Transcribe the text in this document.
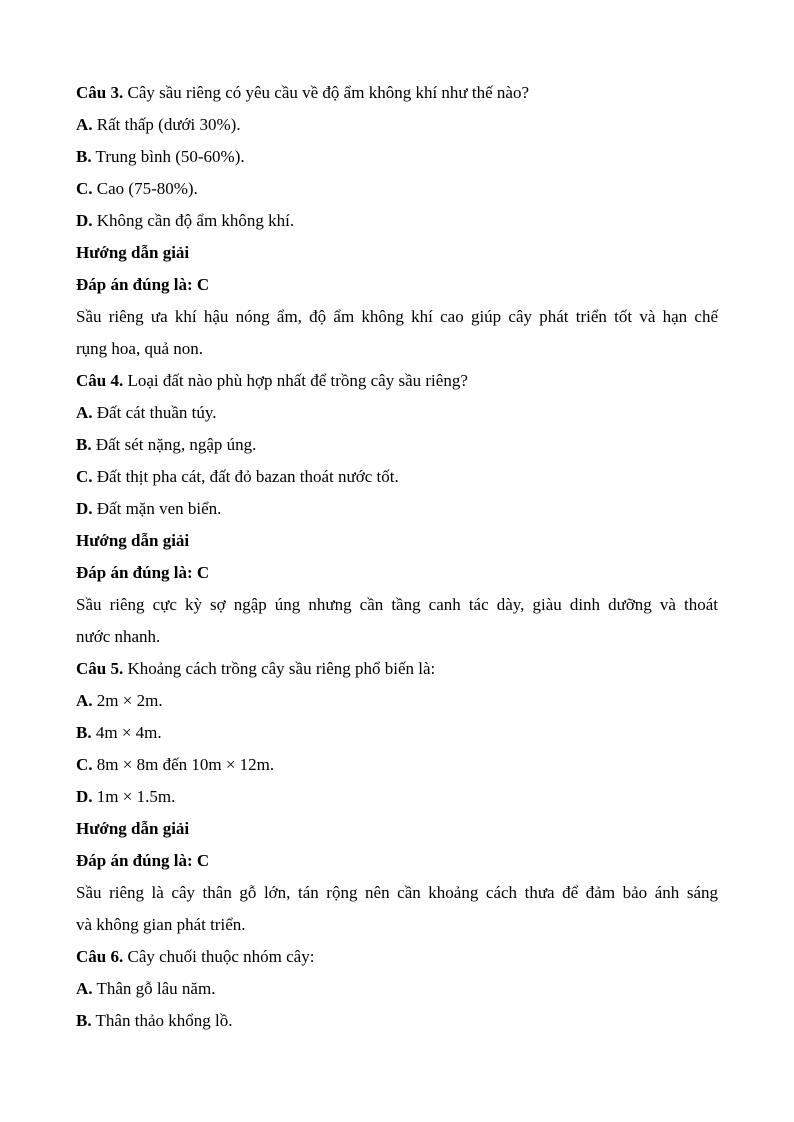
Câu 3. Cây sầu riêng có yêu cầu về độ ẩm không khí như thế nào?
A. Rất thấp (dưới 30%).
B. Trung bình (50-60%).
C. Cao (75-80%).
D. Không cần độ ẩm không khí.
Hướng dẫn giải
Đáp án đúng là: C
Sầu riêng ưa khí hậu nóng ẩm, độ ẩm không khí cao giúp cây phát triển tốt và hạn chế
rụng hoa, quả non.
Câu 4. Loại đất nào phù hợp nhất để trồng cây sầu riêng?
A. Đất cát thuần túy.
B. Đất sét nặng, ngập úng.
C. Đất thịt pha cát, đất đỏ bazan thoát nước tốt.
D. Đất mặn ven biển.
Hướng dẫn giải
Đáp án đúng là: C
Sầu riêng cực kỳ sợ ngập úng nhưng cần tầng canh tác dày, giàu dinh dưỡng và thoát
nước nhanh.
Câu 5. Khoảng cách trồng cây sầu riêng phổ biến là:
A. 2m × 2m.
B. 4m × 4m.
C. 8m × 8m đến 10m × 12m.
D. 1m × 1.5m.
Hướng dẫn giải
Đáp án đúng là: C
Sầu riêng là cây thân gỗ lớn, tán rộng nên cần khoảng cách thưa để đảm bảo ánh sáng
và không gian phát triển.
Câu 6. Cây chuối thuộc nhóm cây:
A. Thân gỗ lâu năm.
B. Thân thảo khổng lồ.
